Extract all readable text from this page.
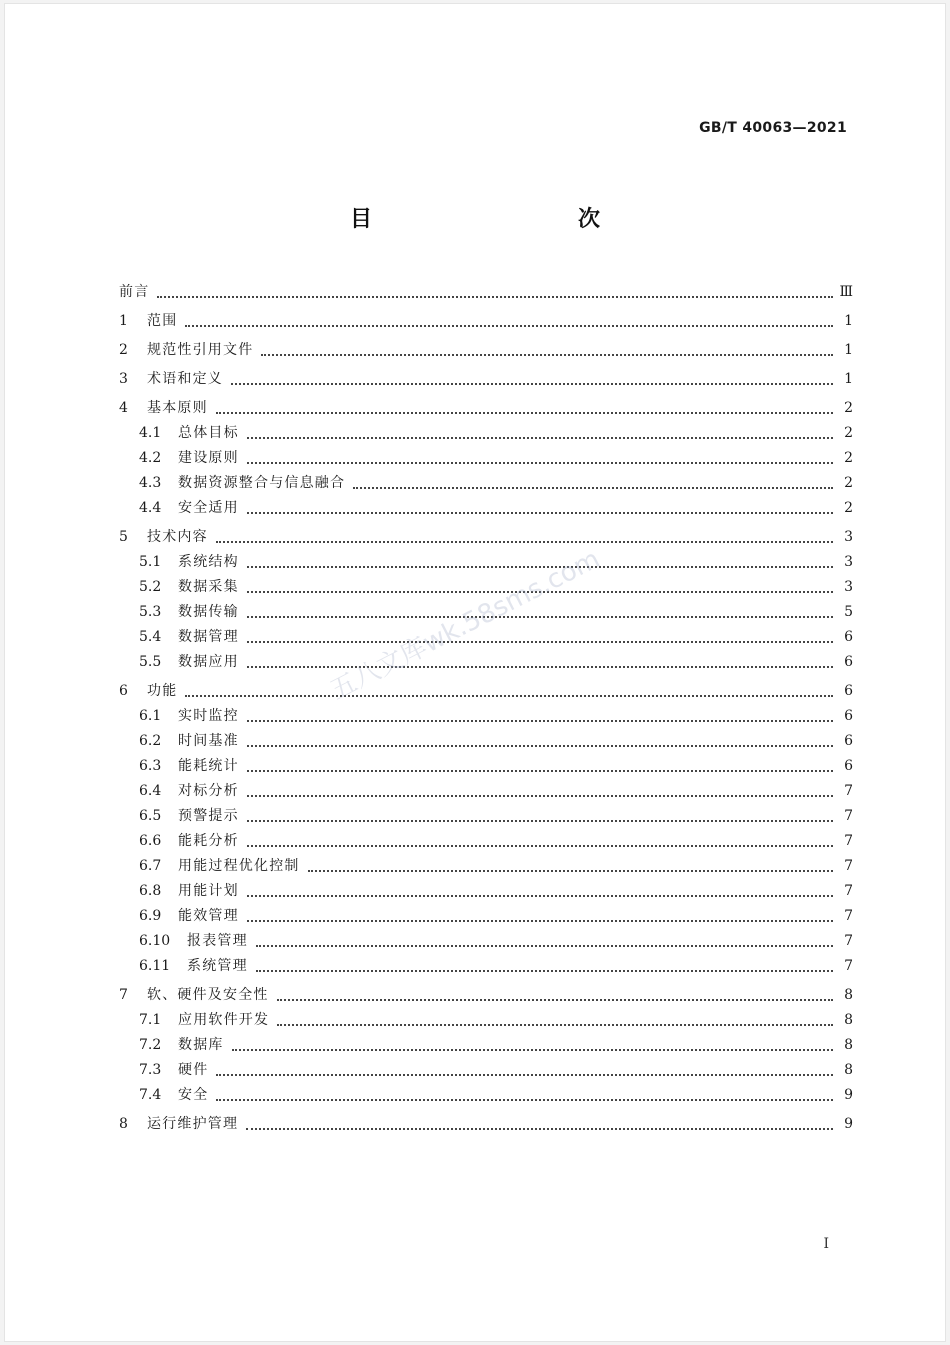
GB/T 40063—2021
目　　次
前言	Ⅲ
1	范围	1
2	规范性引用文件	1
3	术语和定义	1
4	基本原则	2
4.1	总体目标	2
4.2	建设原则	2
4.3	数据资源整合与信息融合	2
4.4	安全适用	2
5	技术内容	3
5.1	系统结构	3
5.2	数据采集	3
5.3	数据传输	5
5.4	数据管理	6
5.5	数据应用	6
6	功能	6
6.1	实时监控	6
6.2	时间基准	6
6.3	能耗统计	6
6.4	对标分析	7
6.5	预警提示	7
6.6	能耗分析	7
6.7	用能过程优化控制	7
6.8	用能计划	7
6.9	能效管理	7
6.10	报表管理	7
6.11	系统管理	7
7	软、硬件及安全性	8
7.1	应用软件开发	8
7.2	数据库	8
7.3	硬件	8
7.4	安全	9
8	运行维护管理	9
五八文库wk.58sms.com
Ⅰ
